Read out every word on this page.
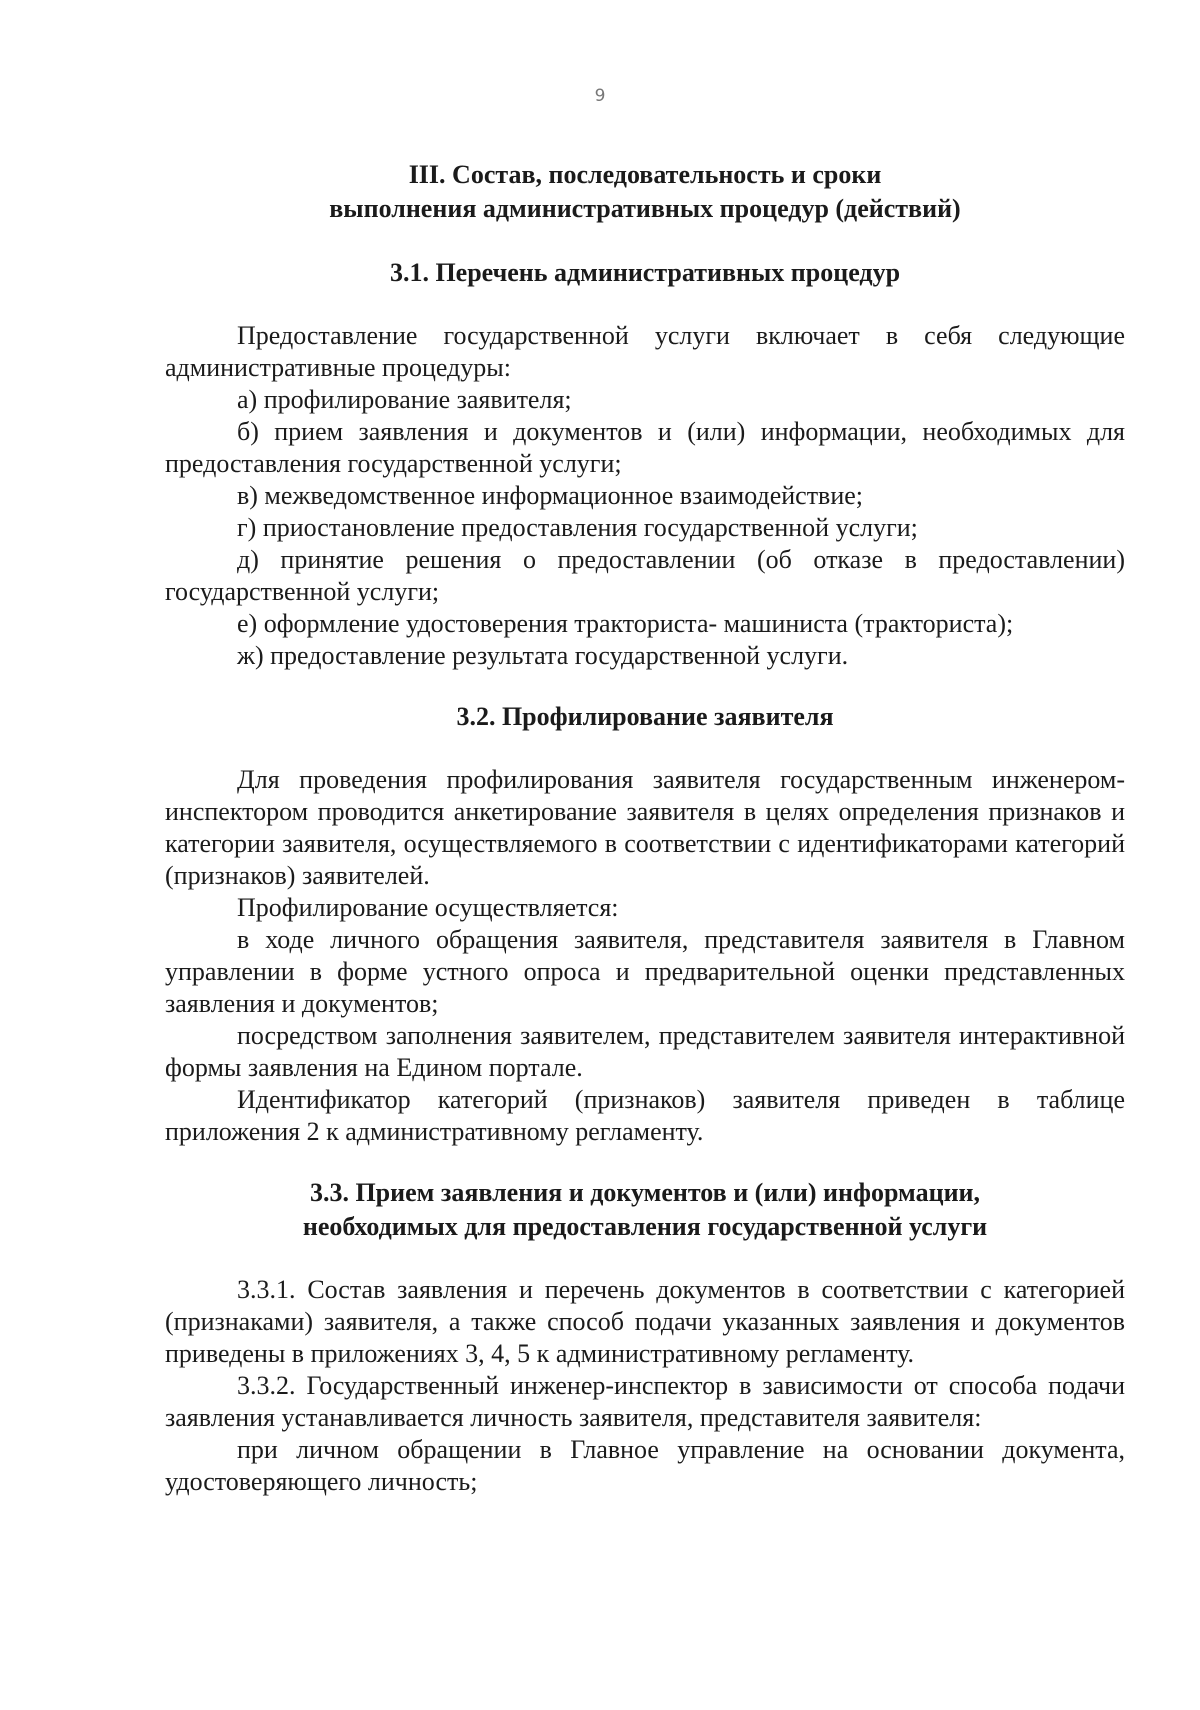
9
III. Состав, последовательность и сроки
выполнения административных процедур (действий)
3.1. Перечень административных процедур

Предоставление государственной услуги включает в себя следующие административные процедуры:

а) профилирование заявителя;

б) прием заявления и документов и (или) информации, необходимых для предоставления государственной услуги;

в) межведомственное информационное взаимодействие;

г) приостановление предоставления государственной услуги;

д) принятие решения о предоставлении (об отказе в предоставлении) государственной услуги;

е) оформление удостоверения тракториста- машиниста (тракториста);

ж) предоставление результата государственной услуги.

3.2. Профилирование заявителя

Для проведения профилирования заявителя государственным инженером-инспектором проводится анкетирование заявителя в целях определения признаков и категории заявителя, осуществляемого в соответствии с идентификаторами категорий (признаков) заявителей.

Профилирование осуществляется:

в ходе личного обращения заявителя, представителя заявителя в Главном управлении в форме устного опроса и предварительной оценки представленных заявления и документов;

посредством заполнения заявителем, представителем заявителя интерактивной формы заявления на Едином портале.

Идентификатор категорий (признаков) заявителя приведен в таблице приложения 2 к административному регламенту.

3.3. Прием заявления и документов и (или) информации,
необходимых для предоставления государственной услуги

3.3.1. Состав заявления и перечень документов в соответствии с категорией (признаками) заявителя, а также способ подачи указанных заявления и документов приведены в приложениях 3, 4, 5 к административному регламенту.

3.3.2. Государственный инженер-инспектор в зависимости от способа подачи заявления устанавливается личность заявителя, представителя заявителя:

при личном обращении в Главное управление на основании документа, удостоверяющего личность;
